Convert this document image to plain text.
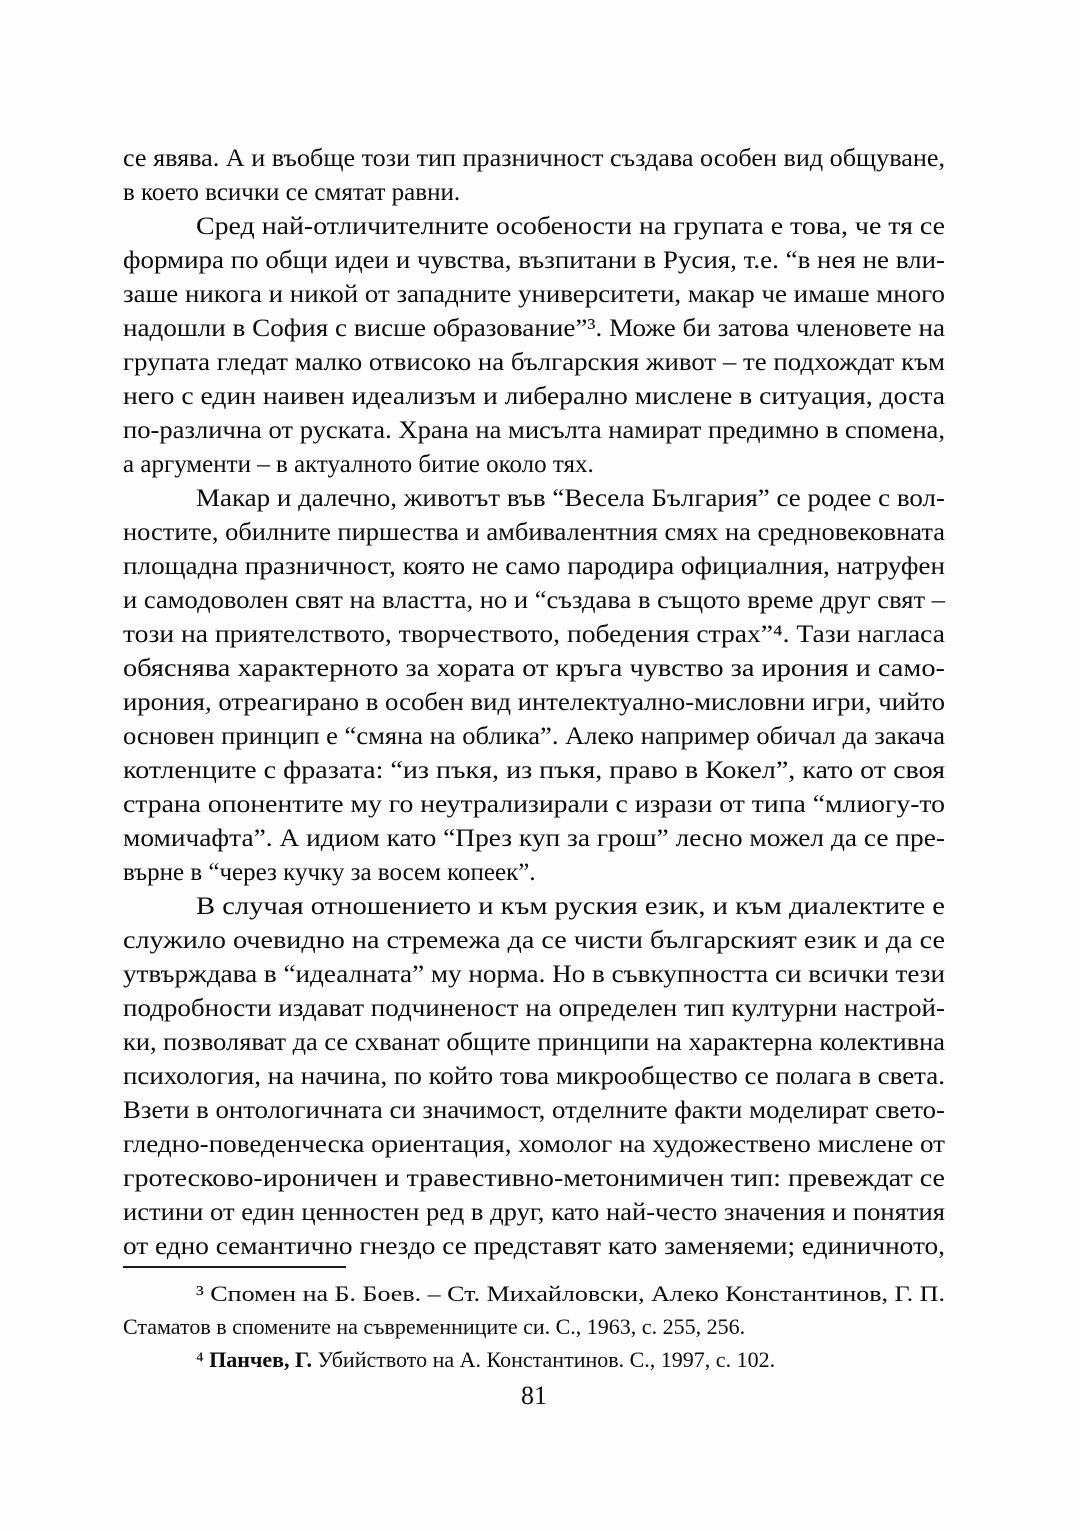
се явява. А и въобще този тип празничност създава особен вид общуване,
в което всички се смятат равни.
Сред най-отличителните особености на групата е това, че тя се
формира по общи идеи и чувства, възпитани в Русия, т.е. “в нея не вли-
заше никога и никой от западните университети, макар че имаше много
надошли в София с висше образование”³. Може би затова членовете на
групата гледат малко отвисоко на българския живот – те подхождат към
него с един наивен идеализъм и либерално мислене в ситуация, доста
по-различна от руската. Храна на мисълта намират предимно в спомена,
а аргументи – в актуалното битие около тях.
Макар и далечно, животът във “Весела България” се родее с вол-
ностите, обилните пиршества и амбивалентния смях на средновековната
площадна празничност, която не само пародира официалния, натруфен
и самодоволен свят на властта, но и “създава в същото време друг свят –
този на приятелството, творчеството, победения страх”⁴. Тази нагласа
обяснява характерното за хората от кръга чувство за ирония и само-
ирония, отреагирано в особен вид интелектуално-мисловни игри, чийто
основен принцип е “смяна на облика”. Алеко например обичал да закача
котленците с фразата: “из пъкя, из пъкя, право в Кокел”, като от своя
страна опонентите му го неутрализирали с изрази от типа “млиогу-то
момичафта”. А идиом като “През куп за грош” лесно можел да се пре-
върне в “через кучку за восем копеек”.
В случая отношението и към руския език, и към диалектите е
служило очевидно на стремежа да се чисти българският език и да се
утвърждава в “идеалната” му норма. Но в съвкупността си всички тези
подробности издават подчиненост на определен тип културни настрой-
ки, позволяват да се схванат общите принципи на характерна колективна
психология, на начина, по който това микрообщество се полага в света.
Взети в онтологичната си значимост, отделните факти моделират свето-
гледно-поведенческа ориентация, хомолог на художествено мислене от
гротесково-ироничен и травестивно-метонимичен тип: превеждат се
истини от един ценностен ред в друг, като най-често значения и понятия
от едно семантично гнездо се представят като заменяеми; единичното,
³ Спомен на Б. Боев. – Ст. Михайловски, Алеко Константинов, Г. П.
Стаматов в спомените на съвременниците си. С., 1963, с. 255, 256.
⁴ Панчев, Г. Убийството на А. Константинов. С., 1997, с. 102.
81
